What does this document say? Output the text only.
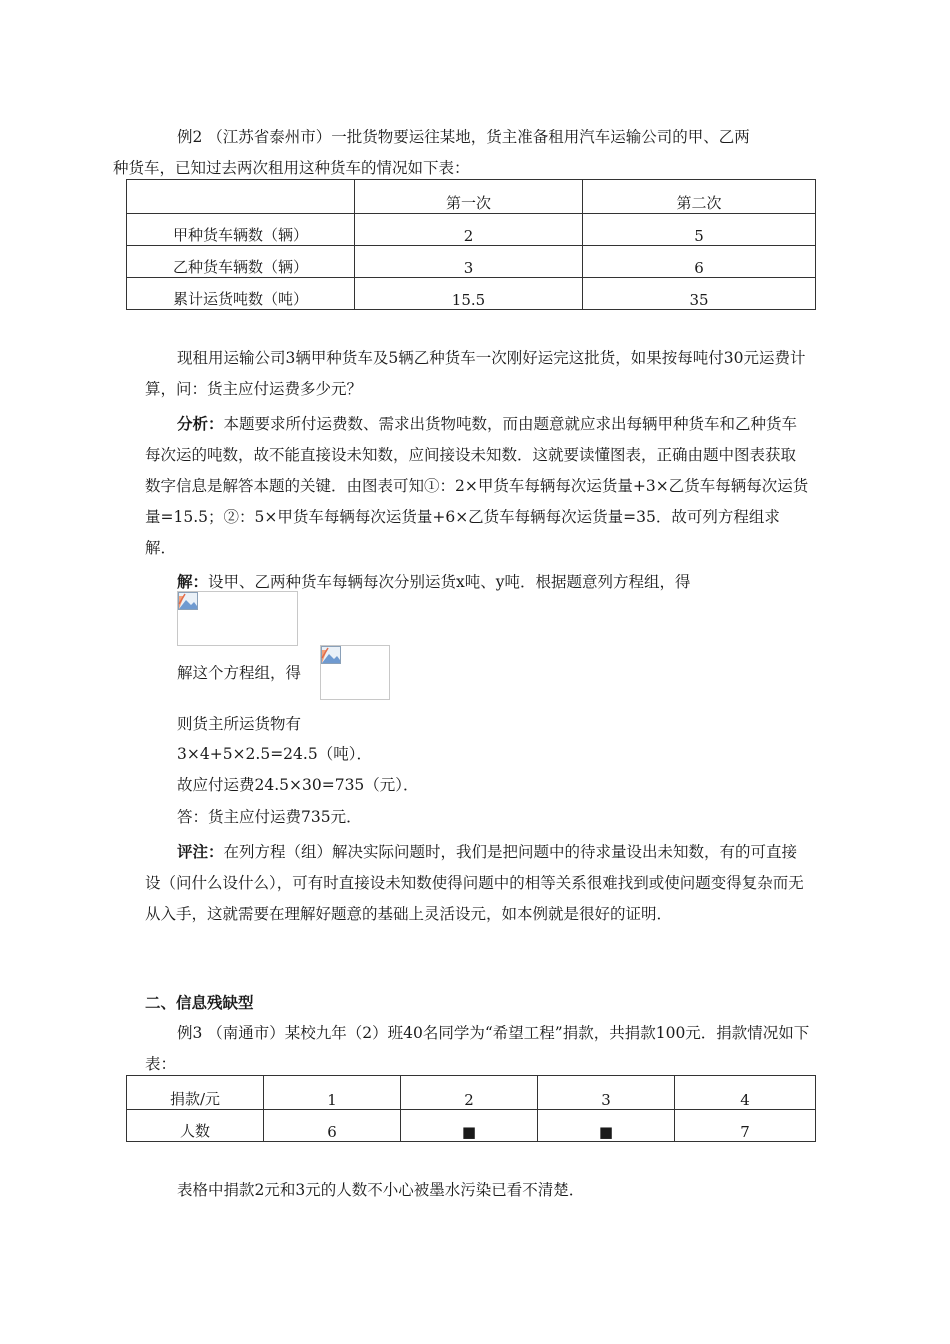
例2 （江苏省泰州市）一批货物要运往某地，货主准备租用汽车运输公司的甲、乙两
种货车，已知过去两次租用这种货车的情况如下表：
	第一次	第二次
甲种货车辆数（辆）	2	5
乙种货车辆数（辆）	3	6
累计运货吨数（吨）	15.5	35
现租用运输公司3辆甲种货车及5辆乙种货车一次刚好运完这批货，如果按每吨付30元运费计算，问：货主应付运费多少元？
分析：本题要求所付运费数、需求出货物吨数，而由题意就应求出每辆甲种货车和乙种货车每次运的吨数，故不能直接设未知数，应间接设未知数．这就要读懂图表，正确由题中图表获取数字信息是解答本题的关键．由图表可知①：2×甲货车每辆每次运货量+3×乙货车每辆每次运货量=15.5；②：5×甲货车每辆每次运货量+6×乙货车每辆每次运货量=35．故可列方程组求解．
解：设甲、乙两种货车每辆每次分别运货x吨、y吨．根据题意列方程组，得
解这个方程组，得
则货主所运货物有
3×4+5×2.5=24.5（吨）．
故应付运费24.5×30=735（元）．
答：货主应付运费735元．
评注：在列方程（组）解决实际问题时，我们是把问题中的待求量设出未知数，有的可直接设（问什么设什么），可有时直接设未知数使得问题中的相等关系很难找到或使问题变得复杂而无从入手，这就需要在理解好题意的基础上灵活设元，如本例就是很好的证明．
二、信息残缺型
例3 （南通市）某校九年（2）班40名同学为“希望工程”捐款，共捐款100元．捐款情况如下表：
捐款/元	1	2	3	4
人数	6	■	■	7
表格中捐款2元和3元的人数不小心被墨水污染已看不清楚．
